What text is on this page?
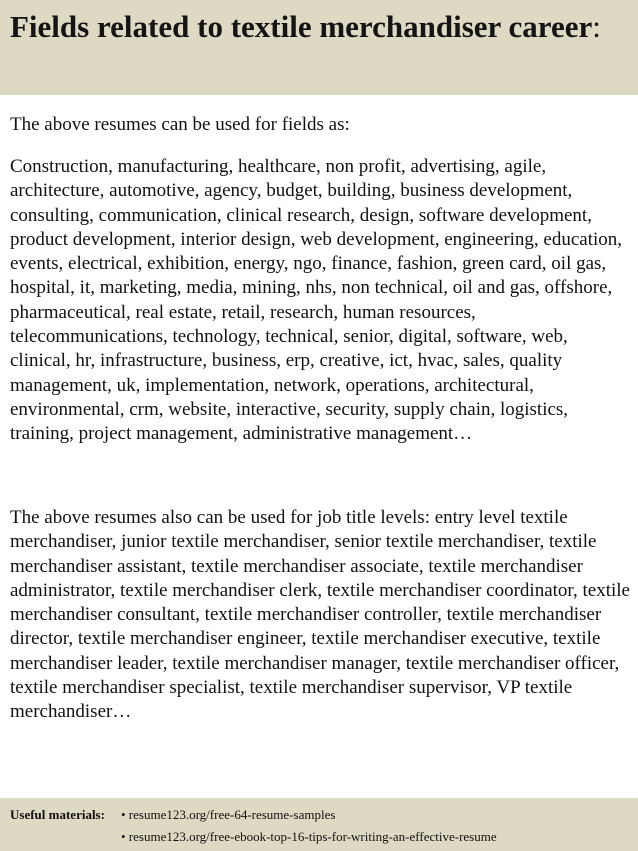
Fields related to textile merchandiser career:

The above resumes can be used for fields as:

Construction, manufacturing, healthcare, non profit, advertising, agile, architecture, automotive, agency, budget, building, business development, consulting, communication, clinical research, design, software development, product development, interior design, web development, engineering, education, events, electrical, exhibition, energy, ngo, finance, fashion, green card, oil gas, hospital, it, marketing, media, mining, nhs, non technical, oil and gas, offshore, pharmaceutical, real estate, retail, research, human resources, telecommunications, technology, technical, senior, digital, software, web, clinical, hr, infrastructure, business, erp, creative, ict, hvac, sales, quality management, uk, implementation, network, operations, architectural, environmental, crm, website, interactive, security, supply chain, logistics, training, project management, administrative management…

The above resumes also can be used for job title levels: entry level textile merchandiser, junior textile merchandiser, senior textile merchandiser, textile merchandiser assistant, textile merchandiser associate, textile merchandiser administrator, textile merchandiser clerk, textile merchandiser coordinator, textile merchandiser consultant, textile merchandiser controller, textile merchandiser director, textile merchandiser engineer, textile merchandiser executive, textile merchandiser leader, textile merchandiser manager, textile merchandiser officer, textile merchandiser specialist, textile merchandiser supervisor, VP textile merchandiser…

Useful materials: • resume123.org/free-64-resume-samples
• resume123.org/free-ebook-top-16-tips-for-writing-an-effective-resume
